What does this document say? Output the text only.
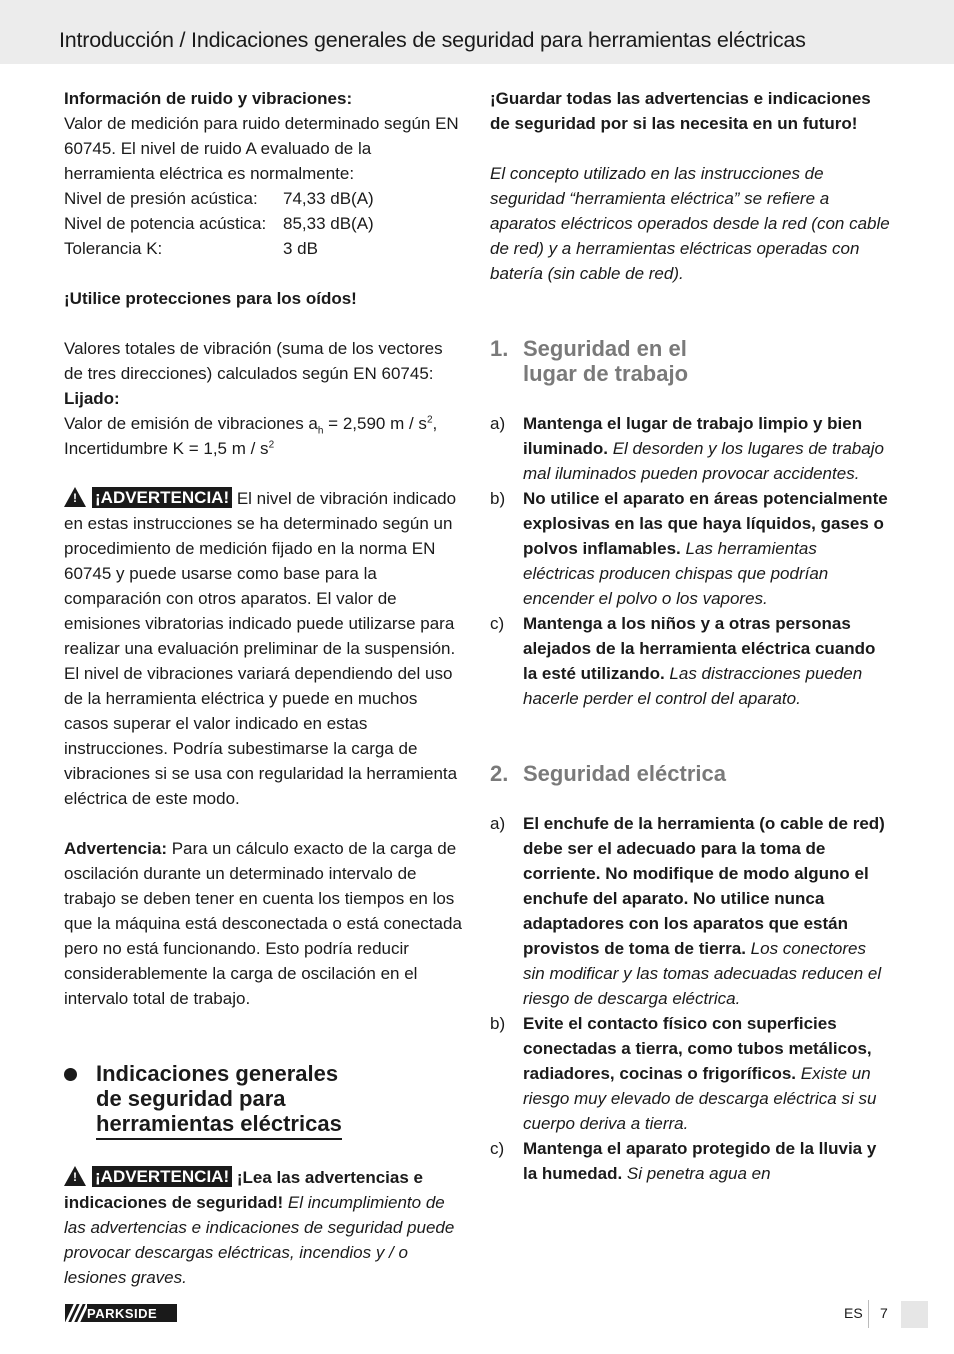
Introducción / Indicaciones generales de seguridad para herramientas eléctricas

Información de ruido y vibraciones:

Valor de medición para ruido determinado según EN 60745. El nivel de ruido A evaluado de la herramienta eléctrica es normalmente:

Nivel de presión acústica:	74,33 dB(A)
Nivel de potencia acústica: 85,33 dB(A)
Tolerancia K:	3 dB

¡Utilice protecciones para los oídos!

Valores totales de vibración (suma de los vectores de tres direcciones) calculados según EN 60745:

Lijado:

Valor de emisión de vibraciones $a_h = 2,590$ m / $s^2$,

Incertidumbre K = 1,5 m / $s^2$

! ¡ADVERTENCIA! El nivel de vibración indicado en estas instrucciones se ha determinado según un procedimiento de medición fijado en la norma EN 60745 y puede usarse como base para la comparación con otros aparatos. El valor de emisiones vibratorias indicado puede utilizarse para realizar una evaluación preliminar de la suspensión. El nivel de vibraciones variará dependiendo del uso de la herramienta eléctrica y puede en muchos casos superar el valor indicado en estas instrucciones. Podría subestimarse la carga de vibraciones si se usa con regularidad la herramienta eléctrica de este modo.

Advertencia: Para un cálculo exacto de la carga de oscilación durante un determinado intervalo de trabajo se deben tener en cuenta los tiempos en los que la máquina está desconectada o está conectada pero no está funcionando. Esto podría reducir considerablemente la carga de oscilación en el intervalo total de trabajo.

Indicaciones generales
de seguridad para
herramientas eléctricas

! ¡ADVERTENCIA! ¡Lea las advertencias e indicaciones de seguridad! El incumplimiento de las advertencias e indicaciones de seguridad puede provocar descargas eléctricas, incendios y / o lesiones graves.

¡Guardar todas las advertencias e indicaciones de seguridad por si las necesita en un futuro!

El concepto utilizado en las instrucciones de seguridad “herramienta eléctrica” se refiere a aparatos eléctricos operados desde la red (con cable de red) y a herramientas eléctricas operadas con batería (sin cable de red).

1. Seguridad en el
lugar de trabajo
a)	Mantenga el lugar de trabajo limpio y bien iluminado. El desorden y los lugares de trabajo mal iluminados pueden provocar accidentes.
b)	No utilice el aparato en áreas potencialmente explosivas en las que haya líquidos, gases o polvos inflamables. Las herramientas eléctricas producen chispas que podrían encender el polvo o los vapores.
c)	Mantenga a los niños y a otras personas alejados de la herramienta eléctrica cuando la esté utilizando. Las distracciones pueden hacerle perder el control del aparato.
2. Seguridad eléctrica
a)	El enchufe de la herramienta (o cable de red) debe ser el adecuado para la toma de corriente. No modifique de modo alguno el enchufe del aparato. No utilice nunca adaptadores con los aparatos que están provistos de toma de tierra. Los conectores sin modificar y las tomas adecuadas reducen el riesgo de descarga eléctrica.
b)	Evite el contacto físico con superficies conectadas a tierra, como tubos metálicos, radiadores, cocinas o frigoríficos. Existe un riesgo muy elevado de descarga eléctrica si su cuerpo deriva a tierra.
c)	Mantenga el aparato protegido de la lluvia y la humedad. Si penetra agua en
PARKSIDE	ES 7
